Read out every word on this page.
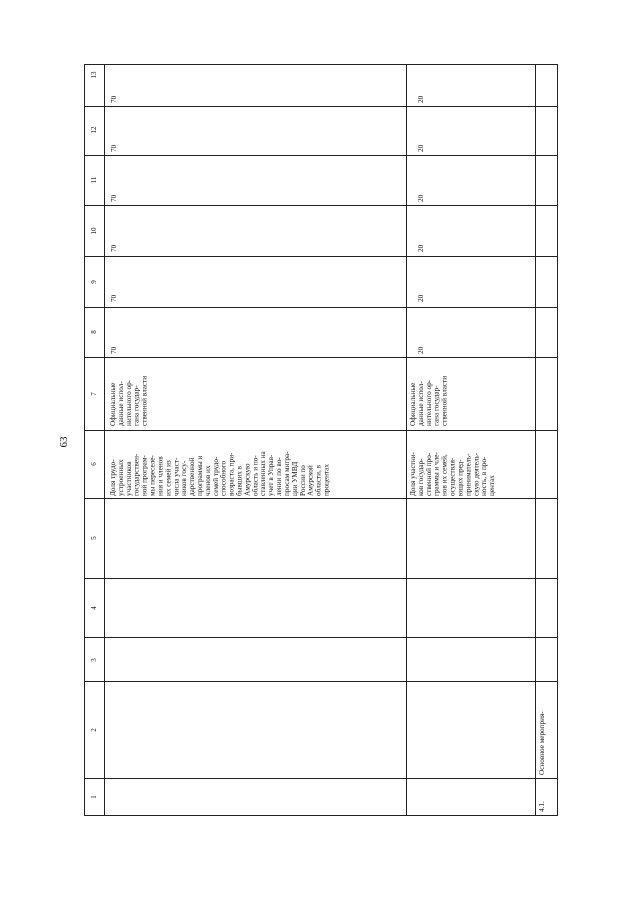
63
1
2
3
4
5
6
7
8
9
10
11
12
13
Доля трудо-
устроенных
участников
государствен-
ной програм-
мы переселе-
ния и членов
их семей из
числа участ-
ников госу-
дарственной
программы и
членов их
семей трудо-
способного
возраста, при-
бывших в
Амурскую
область и по-
ставленных на
учет в Управ-
лении по во-
просам мигра-
ции УМВД
России по
Амурской
области, в
процентах
Официальные
данные испол-
нительного ор-
гана государ-
ственной власти
70
70
70
70
70
70
Доля участни-
ков государ-
ственной про-
граммы и чле-
нов их семей,
осуществля-
ющих пред-
принимателъ-
скую деятель-
ность, в про-
центах
Официальные
данные испол-
нительного ор-
гана государ-
ственной власти
20
20
20
20
20
20
4.1.
Основное мероприя-
